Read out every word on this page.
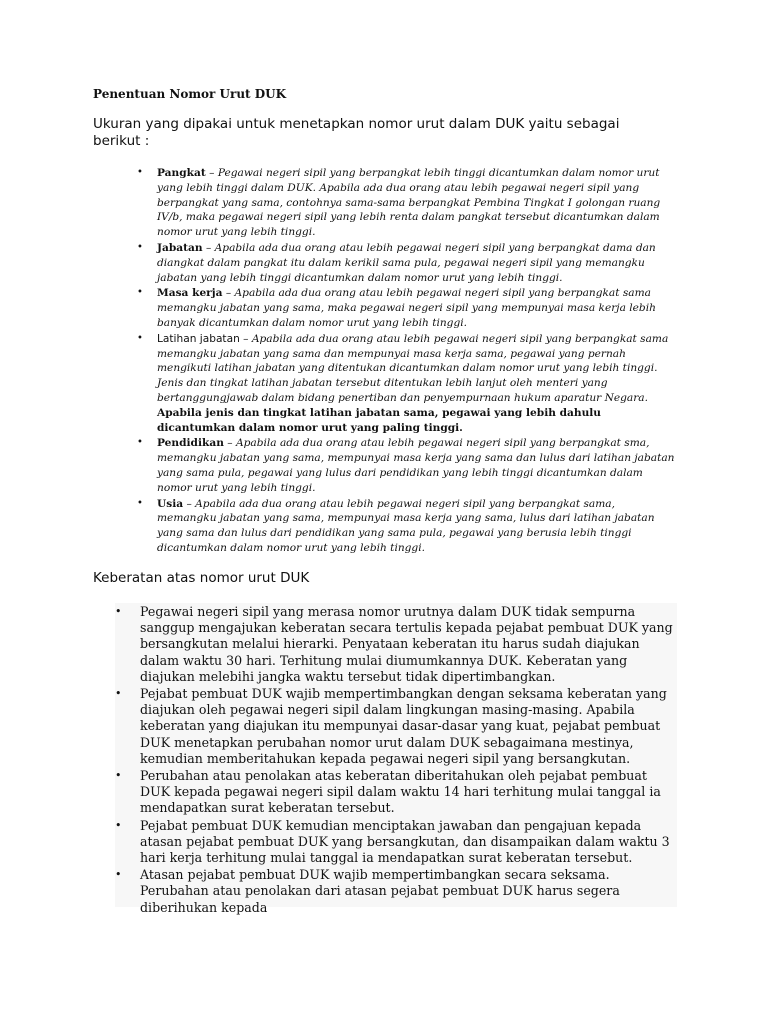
Penentuan Nomor Urut DUK

Ukuran yang dipakai untuk menetapkan nomor urut dalam DUK yaitu sebagai berikut :

• Pangkat – Pegawai negeri sipil yang berpangkat lebih tinggi dicantumkan dalam nomor urut yang lebih tinggi dalam DUK. Apabila ada dua orang atau lebih pegawai negeri sipil yang berpangkat yang sama, contohnya sama-sama berpangkat Pembina Tingkat I golongan ruang IV/b, maka pegawai negeri sipil yang lebih renta dalam pangkat tersebut dicantumkan dalam nomor urut yang lebih tinggi.
• Jabatan – Apabila ada dua orang atau lebih pegawai negeri sipil yang berpangkat dama dan diangkat dalam pangkat itu dalam kerikil sama pula, pegawai negeri sipil yang memangku jabatan yang lebih tinggi dicantumkan dalam nomor urut yang lebih tinggi.
• Masa kerja – Apabila ada dua orang atau lebih pegawai negeri sipil yang berpangkat sama memangku jabatan yang sama, maka pegawai negeri sipil yang mempunyai masa kerja lebih banyak dicantumkan dalam nomor urut yang lebih tinggi.
• Latihan jabatan – Apabila ada dua orang atau lebih pegawai negeri sipil yang berpangkat sama memangku jabatan yang sama dan mempunyai masa kerja sama, pegawai yang pernah mengikuti latihan jabatan yang ditentukan dicantumkan dalam nomor urut yang lebih tinggi. Jenis dan tingkat latihan jabatan tersebut ditentukan lebih lanjut oleh menteri yang bertanggungjawab dalam bidang penertiban dan penyempurnaan hukum aparatur Negara.
Apabila jenis dan tingkat latihan jabatan sama, pegawai yang lebih dahulu dicantumkan dalam nomor urut yang paling tinggi.
• Pendidikan – Apabila ada dua orang atau lebih pegawai negeri sipil yang berpangkat sma, memangku jabatan yang sama, mempunyai masa kerja yang sama dan lulus dari latihan jabatan yang sama pula, pegawai yang lulus dari pendidikan yang lebih tinggi dicantumkan dalam nomor urut yang lebih tinggi.
• Usia – Apabila ada dua orang atau lebih pegawai negeri sipil yang berpangkat sama, memangku jabatan yang sama, mempunyai masa kerja yang sama, lulus dari latihan jabatan yang sama dan lulus dari pendidikan yang sama pula, pegawai yang berusia lebih tinggi dicantumkan dalam nomor urut yang lebih tinggi.
Keberatan atas nomor urut DUK
• Pegawai negeri sipil yang merasa nomor urutnya dalam DUK tidak sempurna sanggup mengajukan keberatan secara tertulis kepada pejabat pembuat DUK yang bersangkutan melalui hierarki. Penyataan keberatan itu harus sudah diajukan dalam waktu 30 hari. Terhitung mulai diumumkannya DUK. Keberatan yang diajukan melebihi jangka waktu tersebut tidak dipertimbangkan.
• Pejabat pembuat DUK wajib mempertimbangkan dengan seksama keberatan yang diajukan oleh pegawai negeri sipil dalam lingkungan masing-masing. Apabila keberatan yang diajukan itu mempunyai dasar-dasar yang kuat, pejabat pembuat DUK menetapkan perubahan nomor urut dalam DUK sebagaimana mestinya, kemudian memberitahukan kepada pegawai negeri sipil yang bersangkutan.
• Perubahan atau penolakan atas keberatan diberitahukan oleh pejabat pembuat DUK kepada pegawai negeri sipil dalam waktu 14 hari terhitung mulai tanggal ia mendapatkan surat keberatan tersebut.
• Pejabat pembuat DUK kemudian menciptakan jawaban dan pengajuan kepada atasan pejabat pembuat DUK yang bersangkutan, dan disampaikan dalam waktu 3 hari kerja terhitung mulai tanggal ia mendapatkan surat keberatan tersebut.
• Atasan pejabat pembuat DUK wajib mempertimbangkan secara seksama. Perubahan atau penolakan dari atasan pejabat pembuat DUK harus segera diberihukan kepada
